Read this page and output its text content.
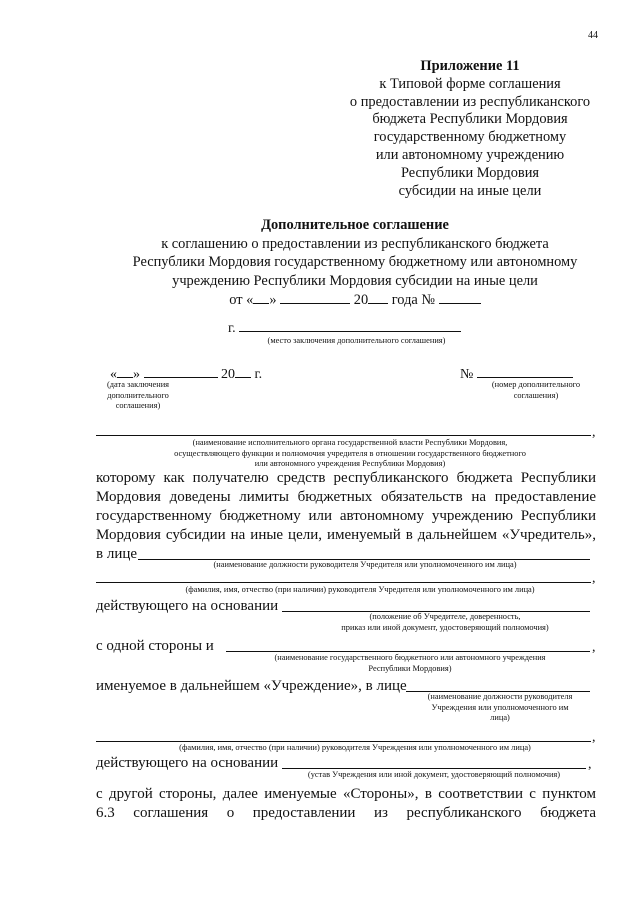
44
Приложение 11
к Типовой форме соглашения
о предоставлении из республиканского
бюджета Республики Мордовия
государственному бюджетному
или автономному учреждению
Республики Мордовия
субсидии на иные цели
Дополнительное соглашение
к соглашению о предоставлении из республиканского бюджета
Республики Мордовия государственному бюджетному или автономному
учреждению Республики Мордовия субсидии на иные цели
от « »	20 года №
г.
(место заключения дополнительного соглашения)
« »	20 г.
(дата заключения дополнительного
соглашения)
№
(номер дополнительного
соглашения)
,
(наименование исполнительного органа государственной власти Республики Мордовия,
осуществляющего функции и полномочия учредителя в отношении государственного бюджетного
или автономного учреждения Республики Мордовия)
которому как получателю средств республиканского бюджета Республики
Мордовия доведены лимиты бюджетных обязательств на предоставление
государственному бюджетному или автономному учреждению Республики
Мордовия субсидии на иные цели, именуемый в дальнейшем «Учредитель»,
в лице
(наименование должности руководителя Учредителя или уполномоченного им лица)
,
(фамилия, имя, отчество (при наличии) руководителя Учредителя или уполномоченного им лица)
действующего на основании
(положение об Учредителе, доверенность,
приказ или иной документ, удостоверяющий полномочия)
с одной стороны и	,
(наименование государственного бюджетного или автономного учреждения
Республики Мордовия)
именуемое в дальнейшем «Учреждение», в лице
(наименование должности руководителя
Учреждения или уполномоченного им
лица)
,
(фамилия, имя, отчество (при наличии) руководителя Учреждения или уполномоченного им лица)
действующего на основании	,
(устав Учреждения или иной документ, удостоверяющий полномочия)
с другой стороны, далее именуемые «Стороны», в соответствии с пунктом
6.3 соглашения о предоставлении из республиканского бюджета
